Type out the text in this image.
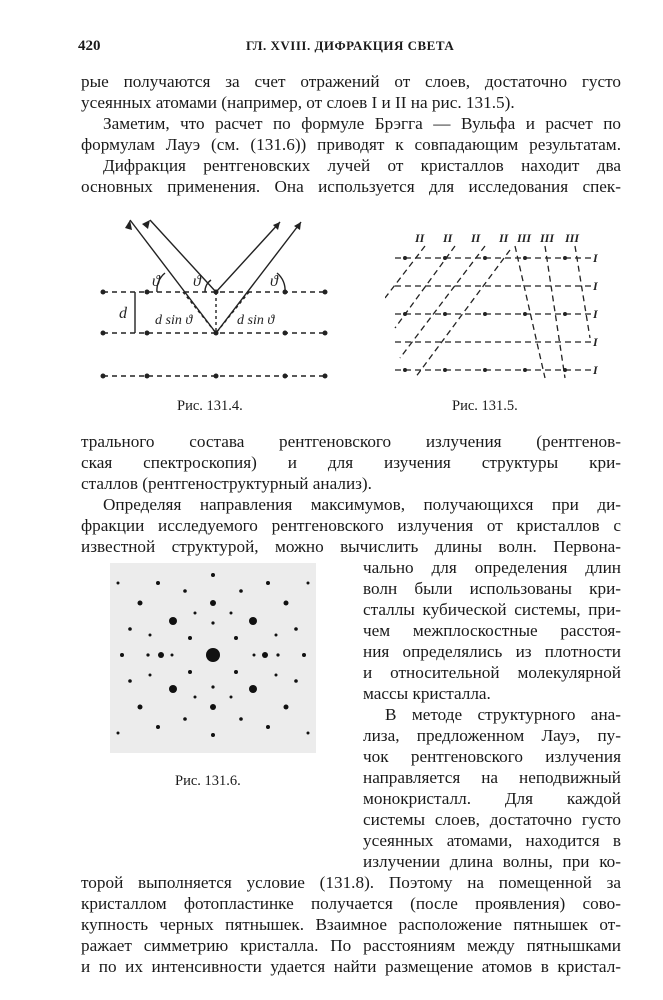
420	ГЛ. XVIII. ДИФРАКЦИЯ СВЕТА
рые получаются за счет отражений от слоев, достаточно густо
усеянных атомами (например, от слоев I и II на рис. 131.5).
Заметим, что расчет по формуле Брэгга — Вульфа и расчет по
формулам Лауэ (см. (131.6)) приводят к совпадающим результатам.
Дифракция рентгеновских лучей от кристаллов находит два
основных применения. Она используется для исследования спек-
ϑ ϑ	ϑ
d d sin ϑ	d sin ϑ
Рис. 131.4.
II II II II III III III
I
I
I
I
I
Рис. 131.5.
трального состава рентгеновского излучения (рентгенов-
ская спектроскопия) и для изучения структуры кри-
сталлов (рентгеноструктурный анализ).
Определяя направления максимумов, получающихся при ди-
фракции исследуемого рентгеновского излучения от кристаллов с
известной структурой, можно вычислить длины волн. Первона-
Рис. 131.6.
чально для определения длин
волн были использованы кри-
сталлы кубической системы, при-
чем межплоскостные расстоя-
ния определялись из плотности
и относительной молекулярной
массы кристалла.
В методе структурного ана-
лиза, предложенном Лауэ, пу-
чок рентгеновского излучения
направляется на неподвижный
монокристалл. Для каждой
системы слоев, достаточно густо
усеянных атомами, находится в
излучении длина волны, при ко-
торой выполняется условие (131.8). Поэтому на помещенной за
кристаллом фотопластинке получается (после проявления) сово-
купность черных пятнышек. Взаимное расположение пятнышек от-
ражает симметрию кристалла. По расстояниям между пятнышками
и по их интенсивности удается найти размещение атомов в кристал-
